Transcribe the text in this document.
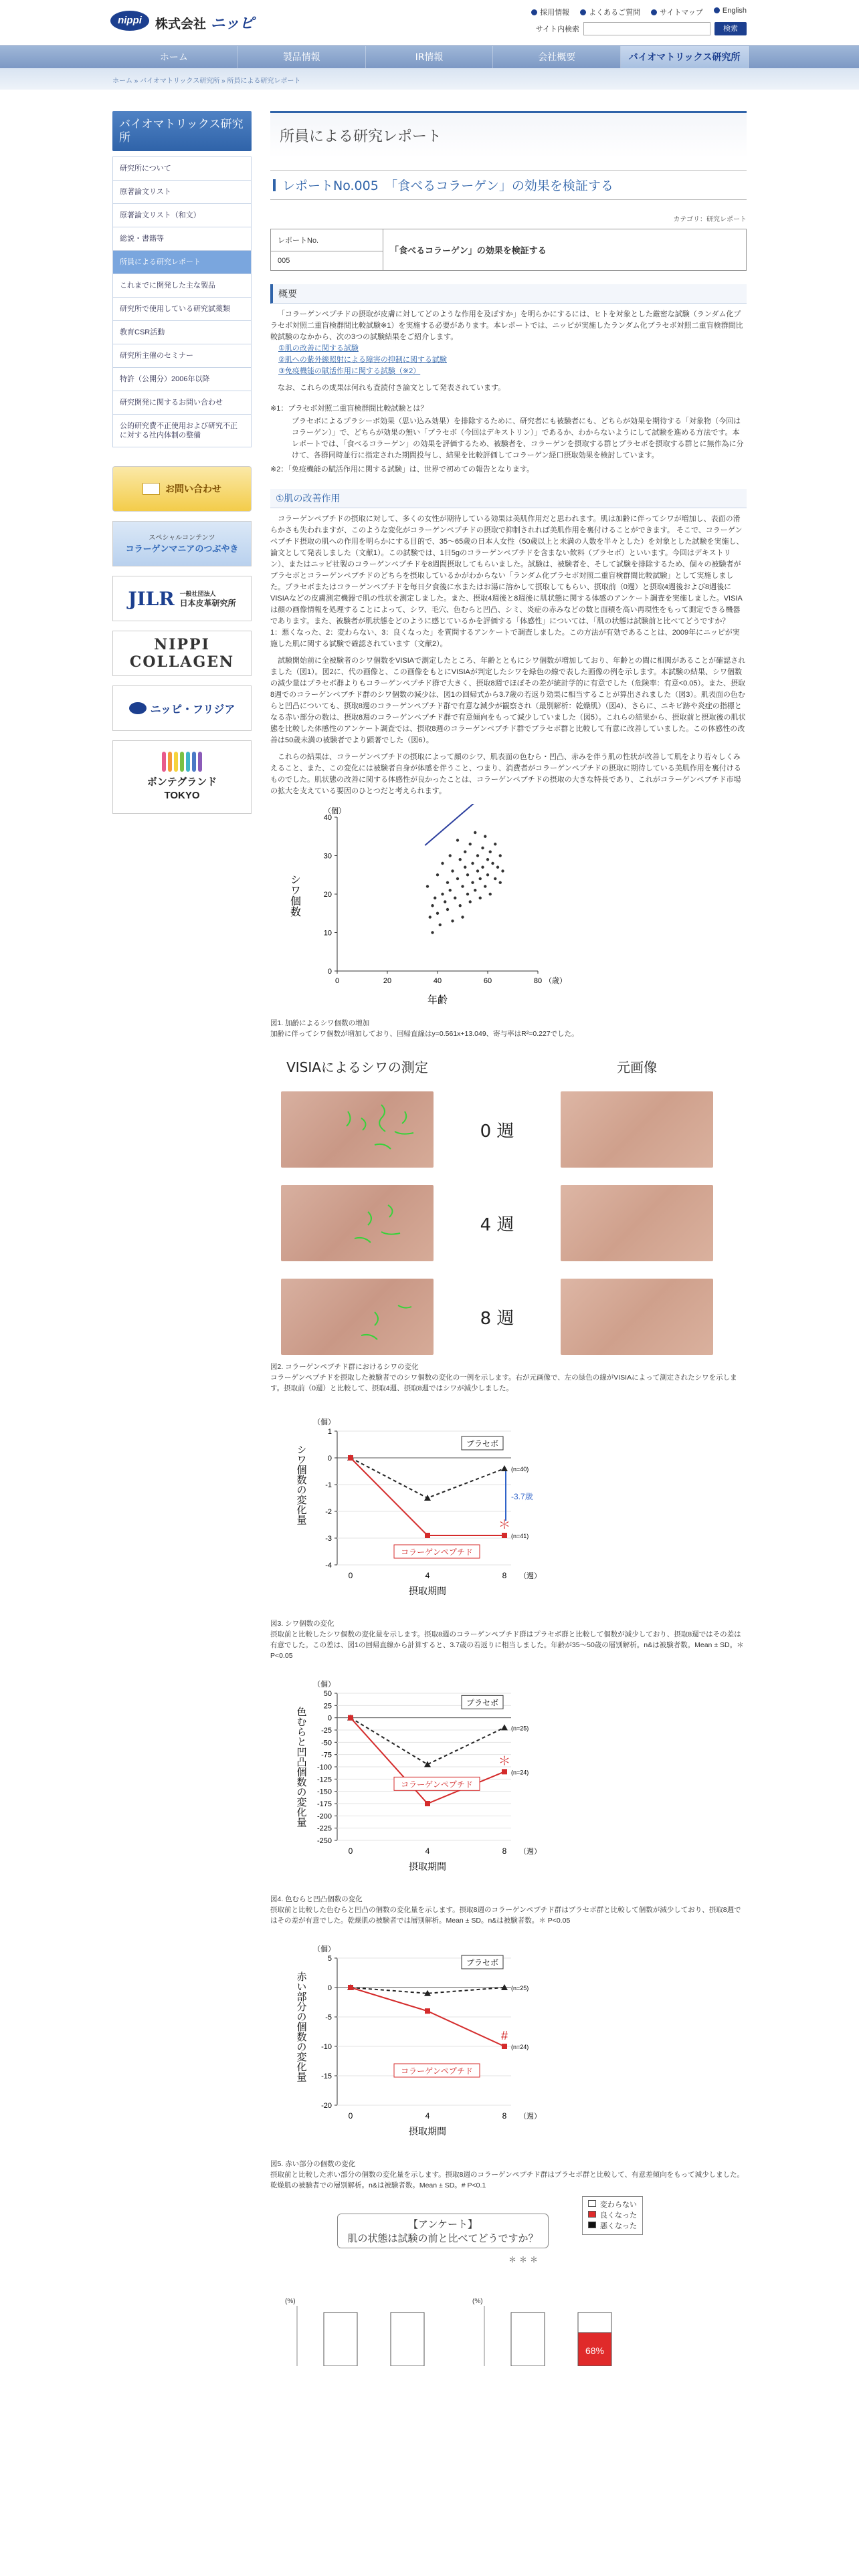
nippi	株式会社 ニッピ
採用情報	よくあるご質問	サイトマップ	English
サイト内検索	検索
ホーム	製品情報	IR情報	会社概要	バイオマトリックス研究所
ホーム » バイオマトリックス研究所 » 所員による研究レポート
バイオマトリックス研究所
研究所について
原著論文リスト
原著論文リスト（和文）
総説・書籍等
所員による研究レポート
これまでに開発した主な製品
研究所で使用している研究試薬類
教育CSR活動
研究所主催のセミナー
特許（公開分）2006年以降
研究開発に関するお問い合わせ
公的研究費不正使用および研究不正に対する社内体制の整備
お問い合わせ
スペシャルコンテンツ
コラーゲンマニアのつぶやき
JILR 一般社団法人
日本皮革研究所
NIPPI
COLLAGEN
ニッピ・フリジア
ボンテグランド
TOKYO
所員による研究レポート
レポートNo.005　「食べるコラーゲン」の効果を検証する
カテゴリ：研究レポート
レポートNo.	「食べるコラーゲン」の効果を検証する
005
概要

「コラーゲンペプチドの摂取が皮膚に対してどのような作用を及ぼすか」を明らかにするには、ヒトを対象とした厳密な試験（ランダム化プラセボ対照二重盲検群間比較試験※1）を実施する必要があります。本レポートでは、ニッピが実施したランダム化プラセボ対照二重盲検群間比較試験のなかから、次の3つの試験結果をご紹介します。

①肌の改善に関する試験
②肌への紫外線照射による障害の抑制に関する試験
③免疫機能の賦活作用に関する試験（※2）

なお、これらの成果は何れも査読付き論文として発表されています。

※1：プラセボ対照二重盲検群間比較試験とは？
プラセボによるプラシーボ効果（思い込み効果）を排除するために、研究者にも被験者にも、どちらが効果を期待する「対象物（今回はコラーゲン）」で、どちらが効果の無い「プラセボ（今回はデキストリン）」であるか、わからないようにして試験を進める方法です。本レポートでは、「食べるコラーゲン」の効果を評価するため、被験者を、コラーゲンを摂取する群とプラセボを摂取する群とに無作為に分けて、各群同時並行に指定された期間投与し、結果を比較評価してコラーゲン経口摂取効果を検討しています。
※2：「免疫機能の賦活作用に関する試験」は、世界で初めての報告となります。
①肌の改善作用

コラーゲンペプチドの摂取に対して、多くの女性が期待している効果は美肌作用だと思われます。肌は加齢に伴ってシワが増加し、表面の滑らかさも失われますが、このような変化がコラーゲンペプチドの摂取で抑制されれば美肌作用を裏付けることができます。 そこで、コラーゲンペプチド摂取の肌への作用を明らかにする目的で、35〜65歳の日本人女性（50歳以上と未満の人数を半々とした）を対象とした試験を実施し、論文として発表しました（文献1）。この試験では、1日5gのコラーゲンペプチドを含まない飲料（プラセボ）といいます。今回はデキストリン）、またはニッピ社製のコラーゲンペプチドを8週間摂取してもらいました。試験は、被験者を、そして試験を排除するため、個々の被験者がプラセボとコラーゲンペプチドのどちらを摂取しているかがわからない「ランダム化プラセボ対照二重盲検群間比較試験」として実施しました。プラセボまたはコラーゲンペプチドを毎日夕食後に水またはお湯に溶かして摂取してもらい、摂取前（0週）と摂取4週後および8週後にVISIAなどの皮膚測定機器で肌の性状を測定しました。また、摂取4週後と8週後に肌状態に関する体感のアンケート調査を実施しました。VISIAは顔の画像情報を処理することによって、シワ、毛穴、色むらと凹凸、シミ、炎症の赤みなどの数と面積を高い再現性をもって測定できる機器であります。また、被験者が肌状態をどのように感じているかを評価する「体感性」については、「肌の状態は試験前と比べてどうですか？　1：悪くなった、2：変わらない、3：良くなった」を質問するアンケートで調査しました。この方法が有効であることは、2009年にニッピが実施した肌に関する試験で確認されています（文献2）。

試験開始前に全被験者のシワ個数をVISIAで測定したところ、年齢とともにシワ個数が増加しており、年齢との間に相関があることが確認されました（図1）。図2に、代の画像と、この画像をもとにVISIAが判定したシワを緑色の線で表した画像の例を示します。本試験の結果、シワ個数の減少量はプラセボ群よりもコラーゲンペプチド群で大きく、摂取8週でほぼその差が統計学的に有意でした（危険率：有意<0.05）。また、摂取8週でのコラーゲンペプチド群のシワ個数の減少は、図1の回帰式から3.7歳の若返り効果に相当することが算出されました（図3）。肌表面の色むらと凹凸についても、摂取8週のコラーゲンペプチド群で有意な減少が観察され（最別解析：乾燥肌）（図4）、さらに、ニキビ跡や炎症の指標となる赤い部分の数は、摂取8週のコラーゲンペプチド群で有意傾向をもって減少していました（図5）。これらの結果から、摂取前と摂取後の肌状態を比較した体感性のアンケート調査では、摂取8週のコラーゲンペプチド群でプラセボ群と比較して有意に改善していました。この体感性の改善は50歳未満の被験者でより顕著でした（図6）。

これらの結果は、コラーゲンペプチドの摂取によって顔のシワ、肌表面の色むら・凹凸、赤みを伴う肌の性状が改善して肌をより若々しくみえること、また、この変化には被験者自身が体感を伴うこと、つまり、消費者がコラーゲンペプチドの摂取に期待している美肌作用を裏付けるものでした。肌状態の改善に関する体感性が良かったことは、コラーゲンペプチドの摂取の大きな特長であり、これがコラーゲンペプチド市場の拡大を支えている要因のひとつだと考えられます。

0
10
20
30
40
0	20	40	60	80 （歳）
（個）
年齢
シワ個数
図1. 加齢によるシワ個数の増加
加齢に伴ってシワ個数が増加しており、回帰直線はy=0.561x+13.049、寄与率はR²=0.227でした。
VISIAによるシワの測定	元画像
0 週
4 週
8 週
図2. コラーゲンペプチド群におけるシワの変化
コラーゲンペプチドを摂取した被験者でのシワ個数の変化の一例を示します。右が元画像で、左の緑色の線がVISIAによって測定されたシワを示します。摂取前（0週）と比較して、摂取4週、摂取8週ではシワが減少しました。
1
0
-1
-2
-3
-4
0	4	8 （週）
摂取期間
（個）
シワ個数の変化量	(n=40)
(n=41)
プラセボ
コラーゲンペプチド
＊
-3.7歳
図3. シワ個数の変化
摂取前と比較したシワ個数の変化量を示します。摂取8週のコラーゲンペプチド群はプラセボ群と比較して個数が減少しており、摂取8週ではその差は有意でした。この差は、図1の回帰直線から計算すると、3.7歳の若返りに相当しました。年齢が35〜50歳の層別解析。n&は被験者数。Mean ± SD。＊ P<0.05
50
25
0
-25
-50
-75
-100
-125
-150
-175
-200
-225
-250
0	4	8 （週）
摂取期間
（個）
色むらと凹凸個数の変化量	(n=25)
(n=24)
プラセボ
コラーゲンペプチド
＊
図4. 色むらと凹凸個数の変化
摂取前と比較した色むらと凹凸の個数の変化量を示します。摂取8週のコラーゲンペプチド群はプラセボ群と比較して個数が減少しており、摂取8週ではその差が有意でした。乾燥肌の被験者では層別解析。Mean ± SD。n&は被験者数。＊ P<0.05
5
0
-5
-10
-15
-20
0	4	8 （週）
摂取期間
（個）
赤い部分の個数の変化量	(n=25)
(n=24)
プラセボ
コラーゲンペプチド
#
図5. 赤い部分の個数の変化
摂取前と比較した赤い部分の個数の変化量を示します。摂取8週のコラーゲンペプチド群はプラセボ群と比較して、有意差傾向をもって減少しました。乾燥肌の被験者での層別解析。n&は被験者数。Mean ± SD。# P<0.1
【アンケート】
肌の状態は試験の前と比べてどうですか？
変わらない
良くなった
悪くなった
＊＊＊
(%)	(%)
68%
